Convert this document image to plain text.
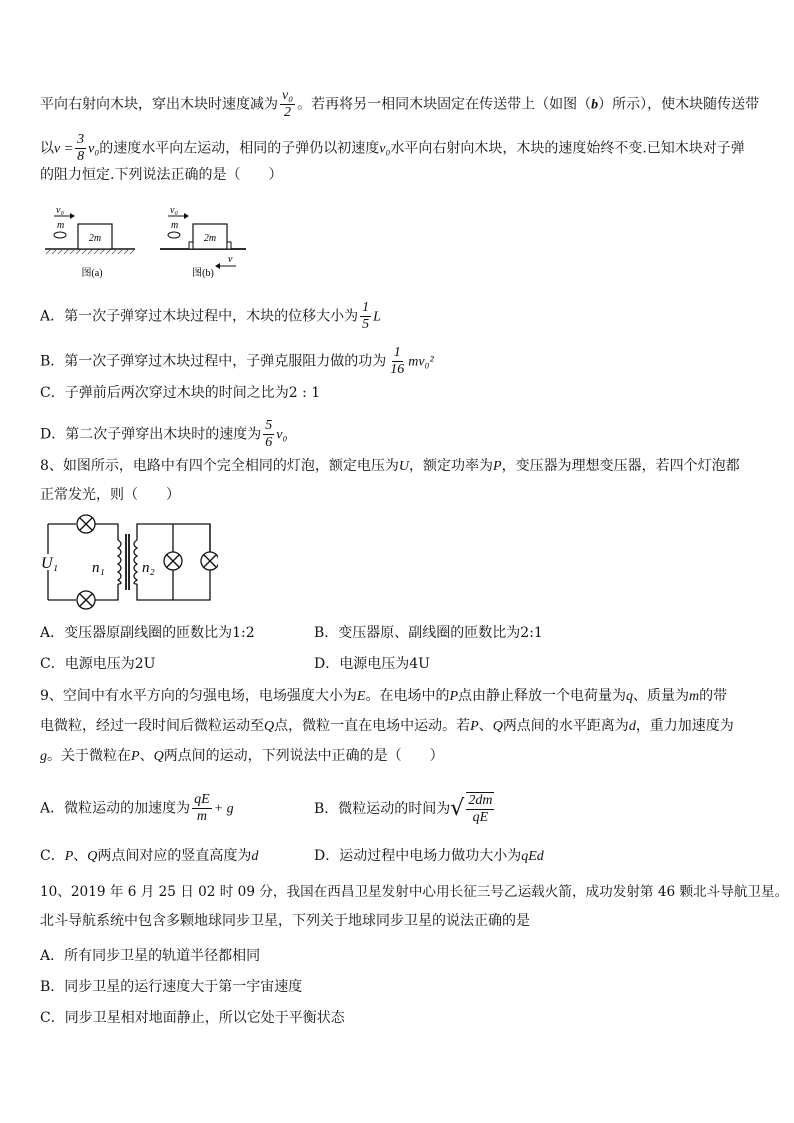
平向右射向木块，穿出木块时速度减为 $\frac{\text{v₀}}{2}$ 。若再将另一相同木块固定在传送带上（如图（b）所示），使木块随传送带
以$v = \frac{3}{8} v_0$的速度水平向左运动，相同的子弹仍以初速度v₀水平向右射向木块，木块的速度始终不变.已知木块对子弹
的阻力恒定.下列说法正确的是（　　）
2m
v₀
m
图(a)
2m
v₀
m
v
图(b)
A．第一次子弹穿过木块过程中，木块的位移大小为 $\frac{1}{5}$ L
B．第一次子弹穿过木块过程中，子弹克服阻力做的功为 $\frac{1}{16} mv_0^2$
C．子弹前后两次穿过木块的时间之比为2 : 1
D．第二次子弹穿出木块时的速度为 $\frac{5}{6} v_0$
8、如图所示，电路中有四个完全相同的灯泡，额定电压为U，额定功率为P，变压器为理想变压器，若四个灯泡都
正常发光，则（　　）
U₁ n₁ n₂
A．变压器原副线圈的匝数比为1:2	B．变压器原、副线圈的匝数比为2:1
C．电源电压为2U	D．电源电压为4U
9、空间中有水平方向的匀强电场，电场强度大小为E。在电场中的P点由静止释放一个电荷量为q、质量为m的带
电微粒，经过一段时间后微粒运动至Q点，微粒一直在电场中运动。若P、Q两点间的水平距离为d，重力加速度为
g。关于微粒在P、Q两点间的运动，下列说法中正确的是（　　）
A．微粒运动的加速度为 $\frac{qE}{m} + g$	B．微粒运动的时间为√ $\frac{2dm}{qE}$
C．P、Q两点间对应的竖直高度为d	D．运动过程中电场力做功大小为qEd
10、2019 年 6 月 25 日 02 时 09 分，我国在西昌卫星发射中心用长征三号乙运载火箭，成功发射第 46 颗北斗导航卫星。
北斗导航系统中包含多颗地球同步卫星，下列关于地球同步卫星的说法正确的是
A．所有同步卫星的轨道半径都相同
B．同步卫星的运行速度大于第一宇宙速度
C．同步卫星相对地面静止，所以它处于平衡状态
